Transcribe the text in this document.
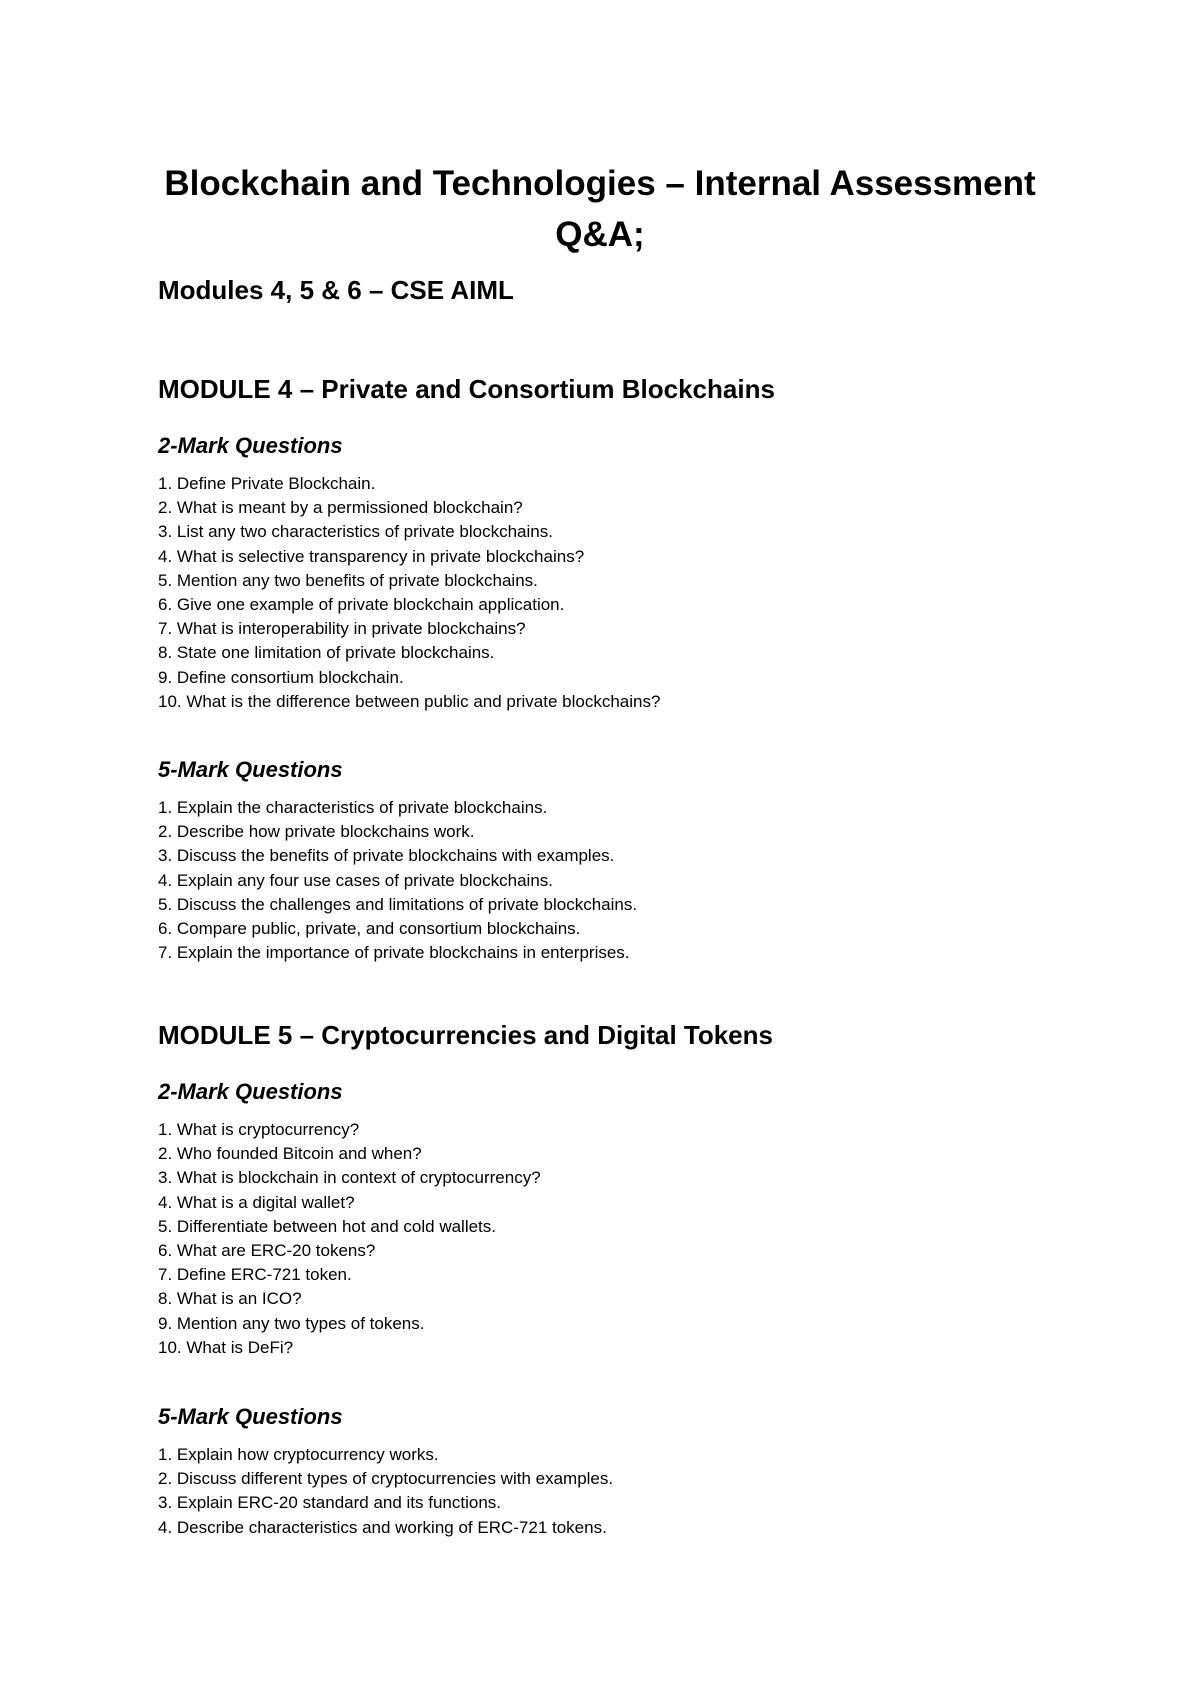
Blockchain and Technologies – Internal Assessment Q&A;
Modules 4, 5 & 6 – CSE AIML
MODULE 4 – Private and Consortium Blockchains
2-Mark Questions
1. Define Private Blockchain.
2. What is meant by a permissioned blockchain?
3. List any two characteristics of private blockchains.
4. What is selective transparency in private blockchains?
5. Mention any two benefits of private blockchains.
6. Give one example of private blockchain application.
7. What is interoperability in private blockchains?
8. State one limitation of private blockchains.
9. Define consortium blockchain.
10. What is the difference between public and private blockchains?
5-Mark Questions
1. Explain the characteristics of private blockchains.
2. Describe how private blockchains work.
3. Discuss the benefits of private blockchains with examples.
4. Explain any four use cases of private blockchains.
5. Discuss the challenges and limitations of private blockchains.
6. Compare public, private, and consortium blockchains.
7. Explain the importance of private blockchains in enterprises.
MODULE 5 – Cryptocurrencies and Digital Tokens
2-Mark Questions
1. What is cryptocurrency?
2. Who founded Bitcoin and when?
3. What is blockchain in context of cryptocurrency?
4. What is a digital wallet?
5. Differentiate between hot and cold wallets.
6. What are ERC-20 tokens?
7. Define ERC-721 token.
8. What is an ICO?
9. Mention any two types of tokens.
10. What is DeFi?
5-Mark Questions
1. Explain how cryptocurrency works.
2. Discuss different types of cryptocurrencies with examples.
3. Explain ERC-20 standard and its functions.
4. Describe characteristics and working of ERC-721 tokens.
